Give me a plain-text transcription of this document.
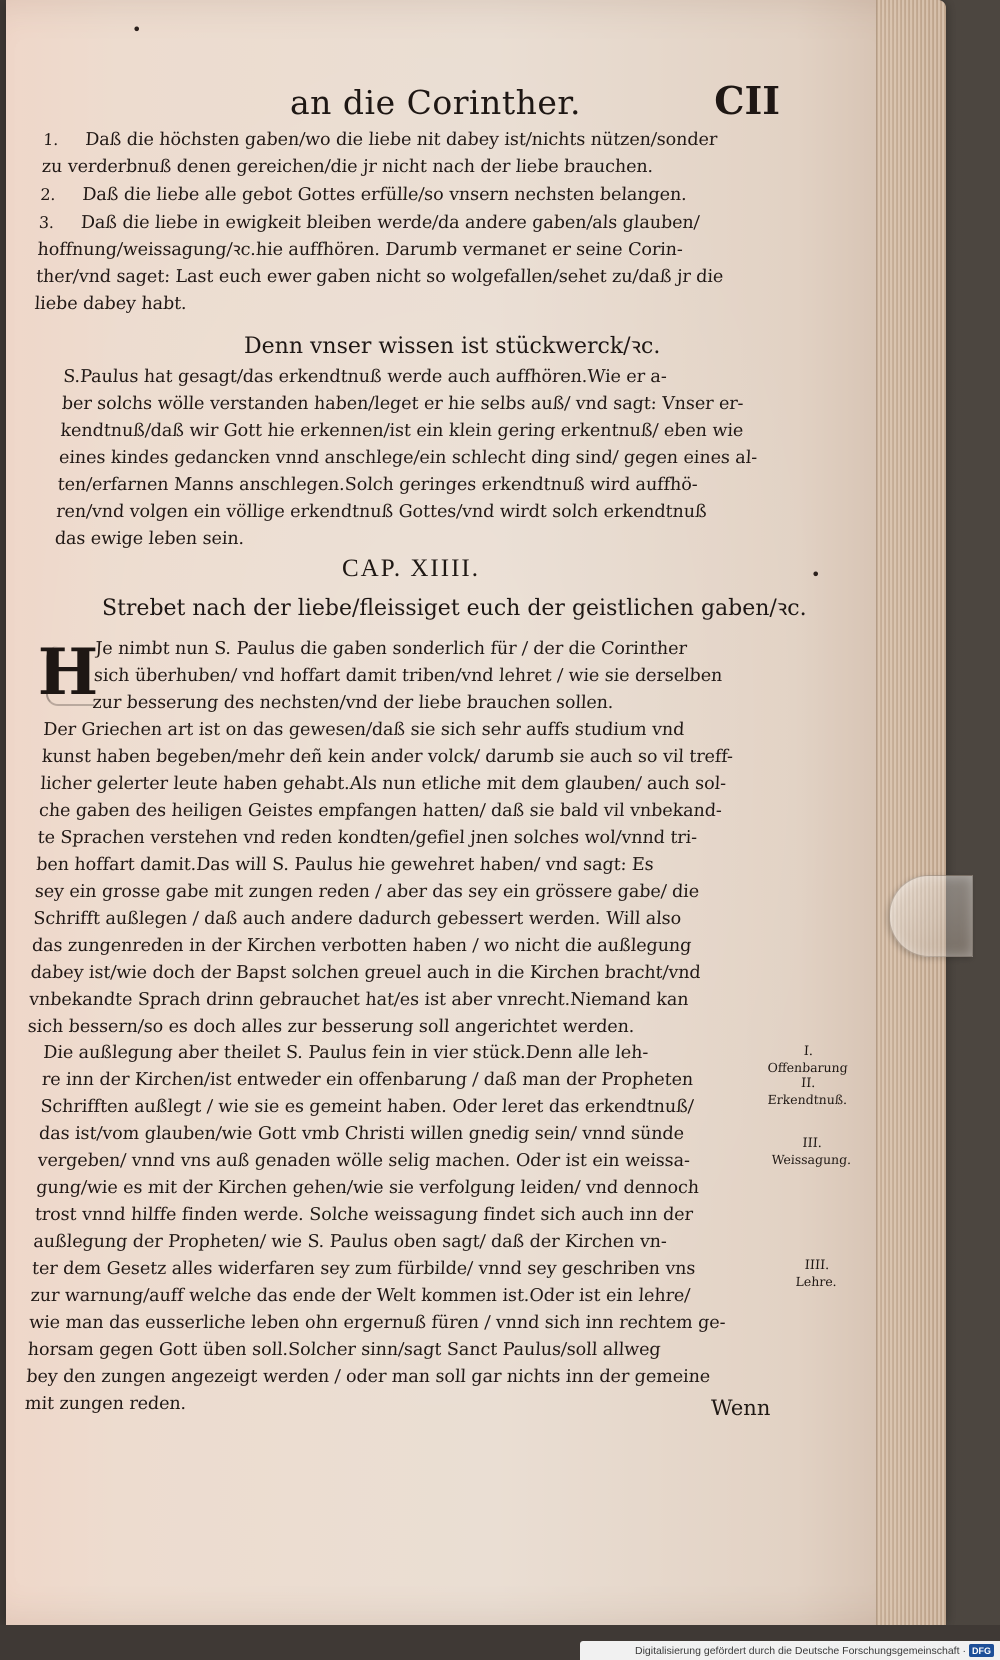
•
•
an die Corinther.	CII
1.	Daß die höchsten gaben/wo die liebe nit dabey ist/nichts nützen/sonder
zu verderbnuß denen gereichen/die jr nicht nach der liebe brauchen.
2.	Daß die liebe alle gebot Gottes erfülle/so vnsern nechsten belangen.
3.	Daß die liebe in ewigkeit bleiben werde/da andere gaben/als glauben/
hoffnung/weissagung/ꝛc.hie auffhören. Darumb vermanet er seine Corin-
ther/vnd saget: Last euch ewer gaben nicht so wolgefallen/sehet zu/daß jr die
liebe dabey habt.
Denn vnser wissen ist stückwerck/ꝛc.
S.Paulus hat gesagt/das erkendtnuß werde auch auffhören.Wie er a-
ber solchs wölle verstanden haben/leget er hie selbs auß/ vnd sagt: Vnser er-
kendtnuß/daß wir Gott hie erkennen/ist ein klein gering erkentnuß/ eben wie
eines kindes gedancken vnnd anschlege/ein schlecht ding sind/ gegen eines al-
ten/erfarnen Manns anschlegen.Solch geringes erkendtnuß wird auffhö-
ren/vnd volgen ein völlige erkendtnuß Gottes/vnd wirdt solch erkendtnuß
das ewige leben sein.
CAP. XIIII.
Strebet nach der liebe/fleissiget euch der geistlichen gaben/ꝛc.
H
Je nimbt nun S. Paulus die gaben sonderlich für / der die Corinther
sich überhuben/ vnd hoffart damit triben/vnd lehret / wie sie derselben
zur besserung des nechsten/vnd der liebe brauchen sollen.
Der Griechen art ist on das gewesen/daß sie sich sehr auffs studium vnd
kunst haben begeben/mehr deñ kein ander volck/ darumb sie auch so vil treff-
licher gelerter leute haben gehabt.Als nun etliche mit dem glauben/ auch sol-
che gaben des heiligen Geistes empfangen hatten/ daß sie bald vil vnbekand-
te Sprachen verstehen vnd reden kondten/gefiel jnen solches wol/vnnd tri-
ben hoffart damit.Das will S. Paulus hie gewehret haben/ vnd sagt: Es
sey ein grosse gabe mit zungen reden / aber das sey ein grössere gabe/ die
Schrifft außlegen / daß auch andere dadurch gebessert werden. Will also
das zungenreden in der Kirchen verbotten haben / wo nicht die außlegung
dabey ist/wie doch der Bapst solchen greuel auch in die Kirchen bracht/vnd
vnbekandte Sprach drinn gebrauchet hat/es ist aber vnrecht.Niemand kan
sich bessern/so es doch alles zur besserung soll angerichtet werden.
Die außlegung aber theilet S. Paulus fein in vier stück.Denn alle leh-
re inn der Kirchen/ist entweder ein offenbarung / daß man der Propheten
Schrifften außlegt / wie sie es gemeint haben. Oder leret das erkendtnuß/
das ist/vom glauben/wie Gott vmb Christi willen gnedig sein/ vnnd sünde
vergeben/ vnnd vns auß genaden wölle selig machen. Oder ist ein weissa-
gung/wie es mit der Kirchen gehen/wie sie verfolgung leiden/ vnd dennoch
trost vnnd hilffe finden werde. Solche weissagung findet sich auch inn der
außlegung der Propheten/ wie S. Paulus oben sagt/ daß der Kirchen vn-
ter dem Gesetz alles widerfaren sey zum fürbilde/ vnnd sey geschriben vns
zur warnung/auff welche das ende der Welt kommen ist.Oder ist ein lehre/
wie man das eusserliche leben ohn ergernuß füren / vnnd sich inn rechtem ge-
horsam gegen Gott üben soll.Solcher sinn/sagt Sanct Paulus/soll allweg
bey den zungen angezeigt werden / oder man soll gar nichts inn der gemeine
mit zungen reden.
I.
Offenbarung
II.
Erkendtnuß.
III.
Weissagung.
IIII.
Lehre.
Wenn
Digitalisierung gefördert durch die Deutsche Forschungsgemeinschaft · DFG
